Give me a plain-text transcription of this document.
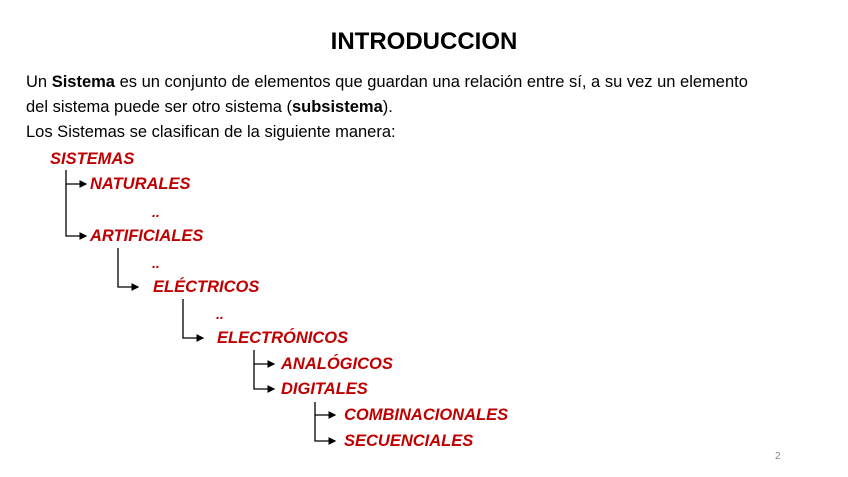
INTRODUCCION
Un Sistema es un conjunto de elementos que guardan una relación entre sí, a su vez un elemento
del sistema puede ser otro sistema (subsistema).
Los Sistemas se clasifican de la siguiente manera:
SISTEMAS
NATURALES
..
ARTIFICIALES
..
ELÉCTRICOS
..
ELECTRÓNICOS
ANALÓGICOS
DIGITALES
COMBINACIONALES
SECUENCIALES
2
